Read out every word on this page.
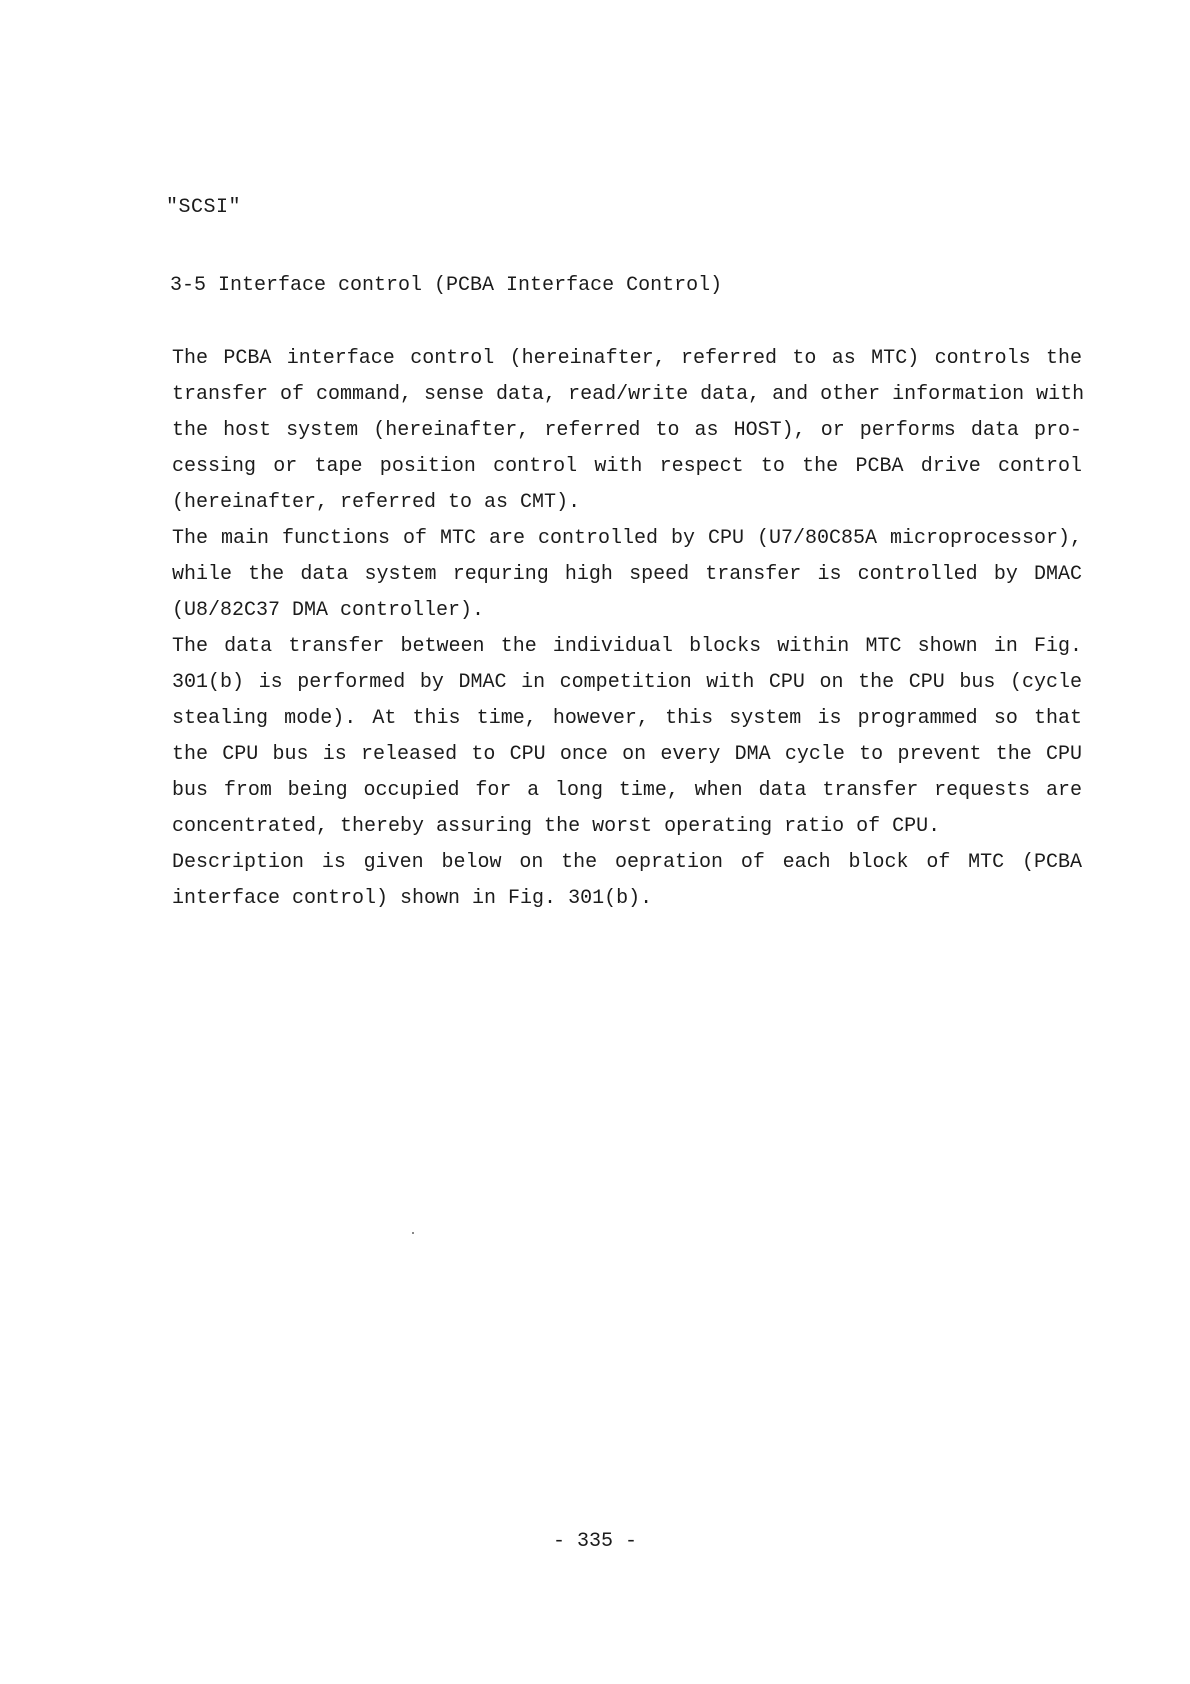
"SCSI"
3-5 Interface control (PCBA Interface Control)
The PCBA interface control (hereinafter, referred to as MTC) controls the
transfer of command, sense data, read/write data, and other information with
the host system (hereinafter, referred to as HOST), or performs data pro-
cessing or tape position control with respect to the PCBA drive control
(hereinafter, referred to as CMT).
The main functions of MTC are controlled by CPU (U7/80C85A microprocessor),
while the data system requring high speed transfer is controlled by DMAC
(U8/82C37 DMA controller).
The data transfer between the individual blocks within MTC shown in Fig.
301(b) is performed by DMAC in competition with CPU on the CPU bus (cycle
stealing mode). At this time, however, this system is programmed so that
the CPU bus is released to CPU once on every DMA cycle to prevent the CPU
bus from being occupied for a long time, when data transfer requests are
concentrated, thereby assuring the worst operating ratio of CPU.
Description is given below on the oepration of each block of MTC (PCBA
interface control) shown in Fig. 301(b).
- 335 -
